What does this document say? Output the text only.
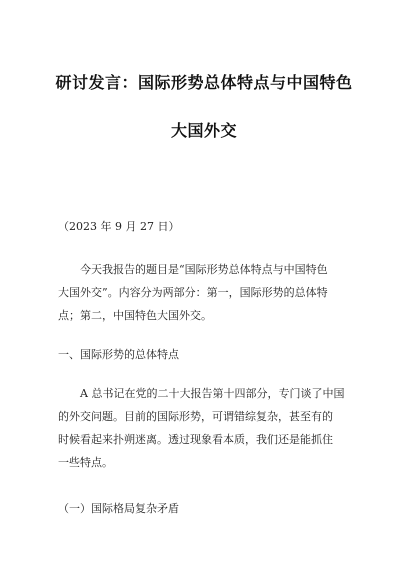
研讨发言：国际形势总体特点与中国特色
大国外交
（2023 年 9 月 27 日）
今天我报告的题目是“国际形势总体特点与中国特色
大国外交”。内容分为两部分：第一，国际形势的总体特
点；第二，中国特色大国外交。
一、国际形势的总体特点
A 总书记在党的二十大报告第十四部分，专门谈了中国
的外交问题。目前的国际形势，可谓错综复杂，甚至有的
时候看起来扑朔迷离。透过现象看本质，我们还是能抓住
一些特点。
（一）国际格局复杂矛盾
